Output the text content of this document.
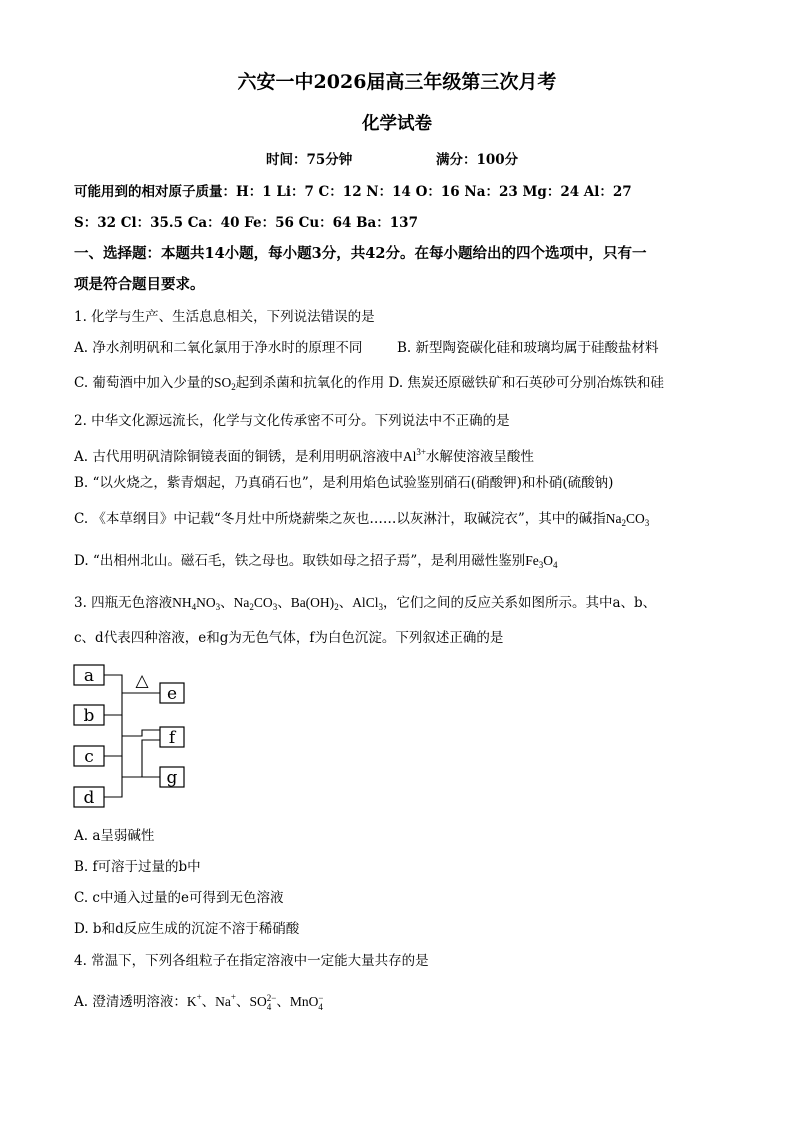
六安一中2026届高三年级第三次月考
化学试卷
时间：75分钟	满分：100分
可能用到的相对原子质量：H：1 Li：7 C：12 N：14 O：16 Na：23 Mg：24 Al：27
S：32 Cl：35.5 Ca：40 Fe：56 Cu：64 Ba：137
一、选择题：本题共14小题，每小题3分，共42分。在每小题给出的四个选项中，只有一
项是符合题目要求。
1. 化学与生产、生活息息相关，下列说法错误的是
A. 净水剂明矾和二氧化氯用于净水时的原理不同	B. 新型陶瓷碳化硅和玻璃均属于硅酸盐材料
C. 葡萄酒中加入少量的$SO_2$起到杀菌和抗氧化的作用 D. 焦炭还原磁铁矿和石英砂可分别冶炼铁和硅
2. 中华文化源远流长，化学与文化传承密不可分。下列说法中不正确的是
A. 古代用明矾清除铜镜表面的铜锈，是利用明矾溶液中$Al^{3+}$水解使溶液呈酸性
B. “以火烧之，紫青烟起，乃真硝石也”，是利用焰色试验鉴别硝石(硝酸钾)和朴硝(硫酸钠)
C. 《本草纲目》中记载“冬月灶中所烧薪柴之灰也……以灰淋汁，取碱浣衣”，其中的碱指$Na_2CO_3$
D. “出相州北山。磁石毛，铁之母也。取铁如母之招子焉”，是利用磁性鉴别$Fe_3O_4$
3. 四瓶无色溶液$NH_4NO_3$、$Na_2CO_3$、$Ba(OH)_2$、AlCl$_3$，它们之间的反应关系如图所示。其中a、b、
c、d代表四种溶液，e和g为无色气体，f为白色沉淀。下列叙述正确的是
a
b
c
d
e
f
g
△
A. a呈弱碱性
B. f可溶于过量的b中
C. c中通入过量的e可得到无色溶液
D. b和d反应生成的沉淀不溶于稀硝酸
4. 常温下，下列各组粒子在指定溶液中一定能大量共存的是
A. 澄清透明溶液：K+、Na+、SO 2−
4 、MnO −
4
